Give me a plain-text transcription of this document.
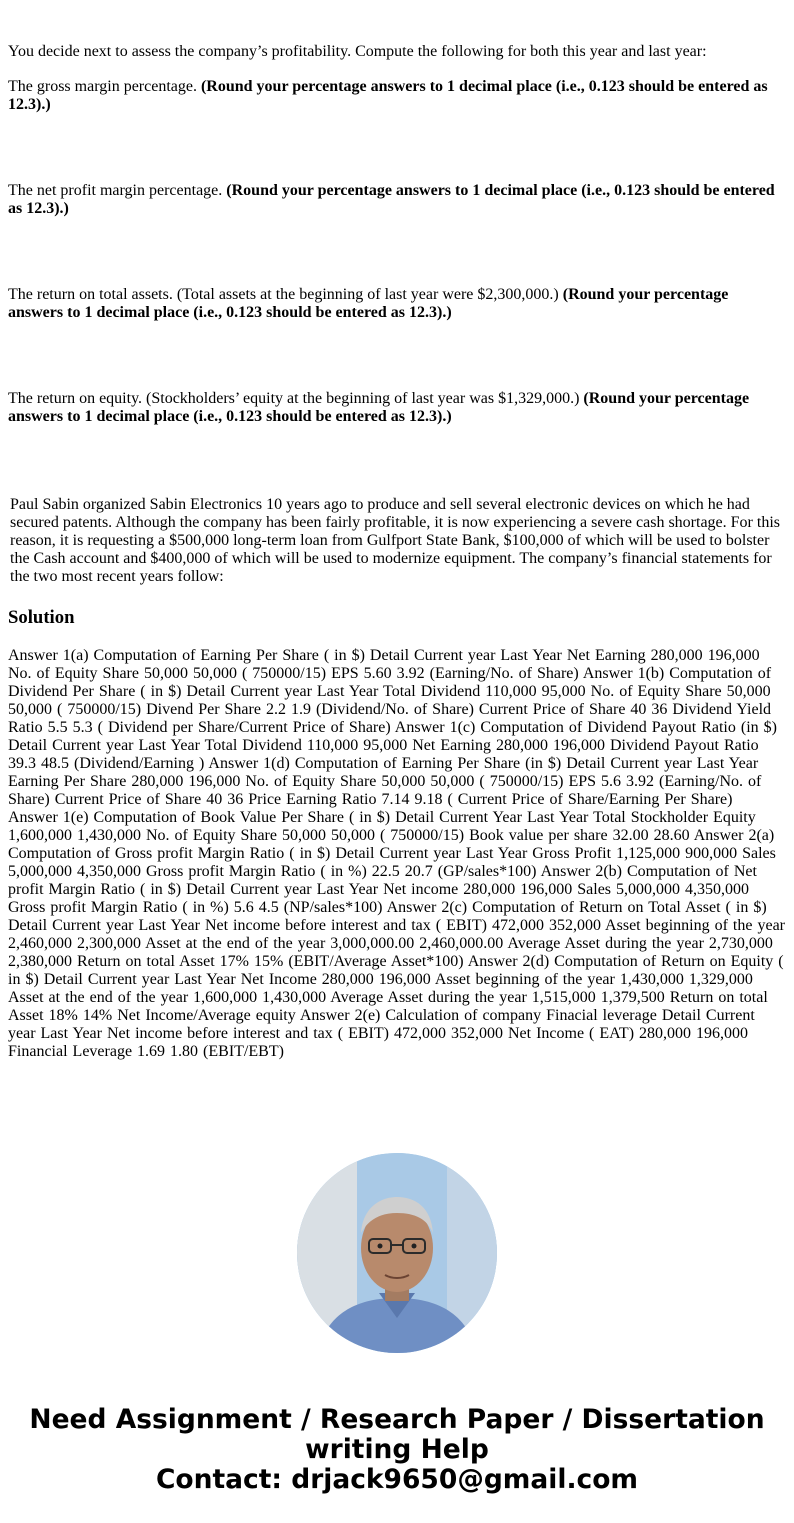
You decide next to assess the company’s profitability. Compute the following for both this year and last year:

The gross margin percentage. (Round your percentage answers to 1 decimal place (i.e., 0.123 should be entered as 12.3).)

The net profit margin percentage. (Round your percentage answers to 1 decimal place (i.e., 0.123 should be entered as 12.3).)

The return on total assets. (Total assets at the beginning of last year were $2,300,000.) (Round your percentage answers to 1 decimal place (i.e., 0.123 should be entered as 12.3).)

The return on equity. (Stockholders’ equity at the beginning of last year was $1,329,000.) (Round your percentage answers to 1 decimal place (i.e., 0.123 should be entered as 12.3).)

Paul Sabin organized Sabin Electronics 10 years ago to produce and sell several electronic devices on which he had secured patents. Although the company has been fairly profitable, it is now experiencing a severe cash shortage. For this reason, it is requesting a $500,000 long-term loan from Gulfport State Bank, $100,000 of which will be used to bolster the Cash account and $400,000 of which will be used to modernize equipment. The company’s financial statements for the two most recent years follow:

Solution

Answer 1(a) Computation of Earning Per Share ( in $) Detail Current year Last Year Net Earning 280,000 196,000 No. of Equity Share 50,000 50,000 ( 750000/15) EPS 5.60 3.92 (Earning/No. of Share) Answer 1(b) Computation of Dividend Per Share ( in $) Detail Current year Last Year Total Dividend 110,000 95,000 No. of Equity Share 50,000 50,000 ( 750000/15) Divend Per Share 2.2 1.9 (Dividend/No. of Share) Current Price of Share 40 36 Dividend Yield Ratio 5.5 5.3 ( Dividend per Share/Current Price of Share) Answer 1(c) Computation of Dividend Payout Ratio (in $) Detail Current year Last Year Total Dividend 110,000 95,000 Net Earning 280,000 196,000 Dividend Payout Ratio 39.3 48.5 (Dividend/Earning ) Answer 1(d) Computation of Earning Per Share (in $) Detail Current year Last Year Earning Per Share 280,000 196,000 No. of Equity Share 50,000 50,000 ( 750000/15) EPS 5.6 3.92 (Earning/No. of Share) Current Price of Share 40 36 Price Earning Ratio 7.14 9.18 ( Current Price of Share/Earning Per Share) Answer 1(e) Computation of Book Value Per Share ( in $) Detail Current Year Last Year Total Stockholder Equity 1,600,000 1,430,000 No. of Equity Share 50,000 50,000 ( 750000/15) Book value per share 32.00 28.60 Answer 2(a) Computation of Gross profit Margin Ratio ( in $) Detail Current year Last Year Gross Profit 1,125,000 900,000 Sales 5,000,000 4,350,000 Gross profit Margin Ratio ( in %) 22.5 20.7 (GP/sales*100) Answer 2(b) Computation of Net profit Margin Ratio ( in $) Detail Current year Last Year Net income 280,000 196,000 Sales 5,000,000 4,350,000 Gross profit Margin Ratio ( in %) 5.6 4.5 (NP/sales*100) Answer 2(c) Computation of Return on Total Asset ( in $) Detail Current year Last Year Net income before interest and tax ( EBIT) 472,000 352,000 Asset beginning of the year 2,460,000 2,300,000 Asset at the end of the year 3,000,000.00 2,460,000.00 Average Asset during the year 2,730,000 2,380,000 Return on total Asset 17% 15% (EBIT/Average Asset*100) Answer 2(d) Computation of Return on Equity ( in $) Detail Current year Last Year Net Income 280,000 196,000 Asset beginning of the year 1,430,000 1,329,000 Asset at the end of the year 1,600,000 1,430,000 Average Asset during the year 1,515,000 1,379,500 Return on total Asset 18% 14% Net Income/Average equity Answer 2(e) Calculation of company Finacial leverage Detail Current year Last Year Net income before interest and tax ( EBIT) 472,000 352,000 Net Income ( EAT) 280,000 196,000 Financial Leverage 1.69 1.80 (EBIT/EBT)

Need Assignment / Research Paper / Dissertation
writing Help
Contact: drjack9650@gmail.com
